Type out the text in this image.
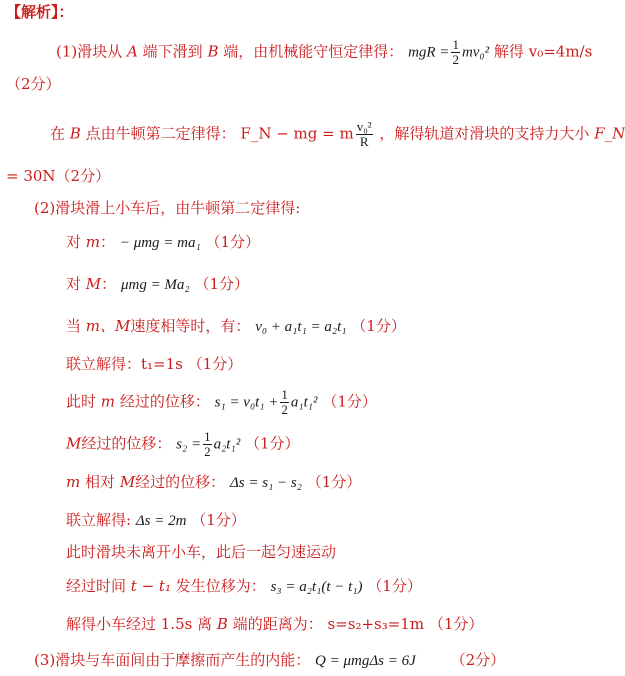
【解析】：
(1)滑块从 A 端下滑到 B 端，由机械能守恒定律得： mgR = $\frac{1}{2} mv_0^2$ 解得 v₀=4m/s
（2分）
在 B 点由牛顿第二定律得： F_N − mg = m $\frac{\text{v₀²}}{R}$ ，解得轨道对滑块的支持力大小 F_N
= 30N（2分）
(2)滑块滑上小车后，由牛顿第二定律得:
对 m： − μmg = ma₁ （1分）
对 M： μmg = Ma₂ （1分）
当 m、M速度相等时，有： v₀ + a₁t₁ = a₂t₁ （1分）
联立解得：t₁=1s （1分）
此时 m 经过的位移： $s_1 = v_0t_1 + \frac{1}{2} a_1t_1^2$ （1分）
M经过的位移： $s_2 = \frac{1}{2} a_2t_1^2$ （1分）
m 相对 M经过的位移： Δs = s₁ − s₂ （1分）
联立解得: Δs = 2m （1分）
此时滑块未离开小车，此后一起匀速运动
经过时间 t − t₁ 发生位移为： s₃ = a₂t₁(t − t₁) （1分）
解得小车经过 1.5s 离 B 端的距离为： s=s₂+s₃=1m （1分）
(3)滑块与车面间由于摩擦而产生的内能： Q = μmgΔs = 6J （2分）
